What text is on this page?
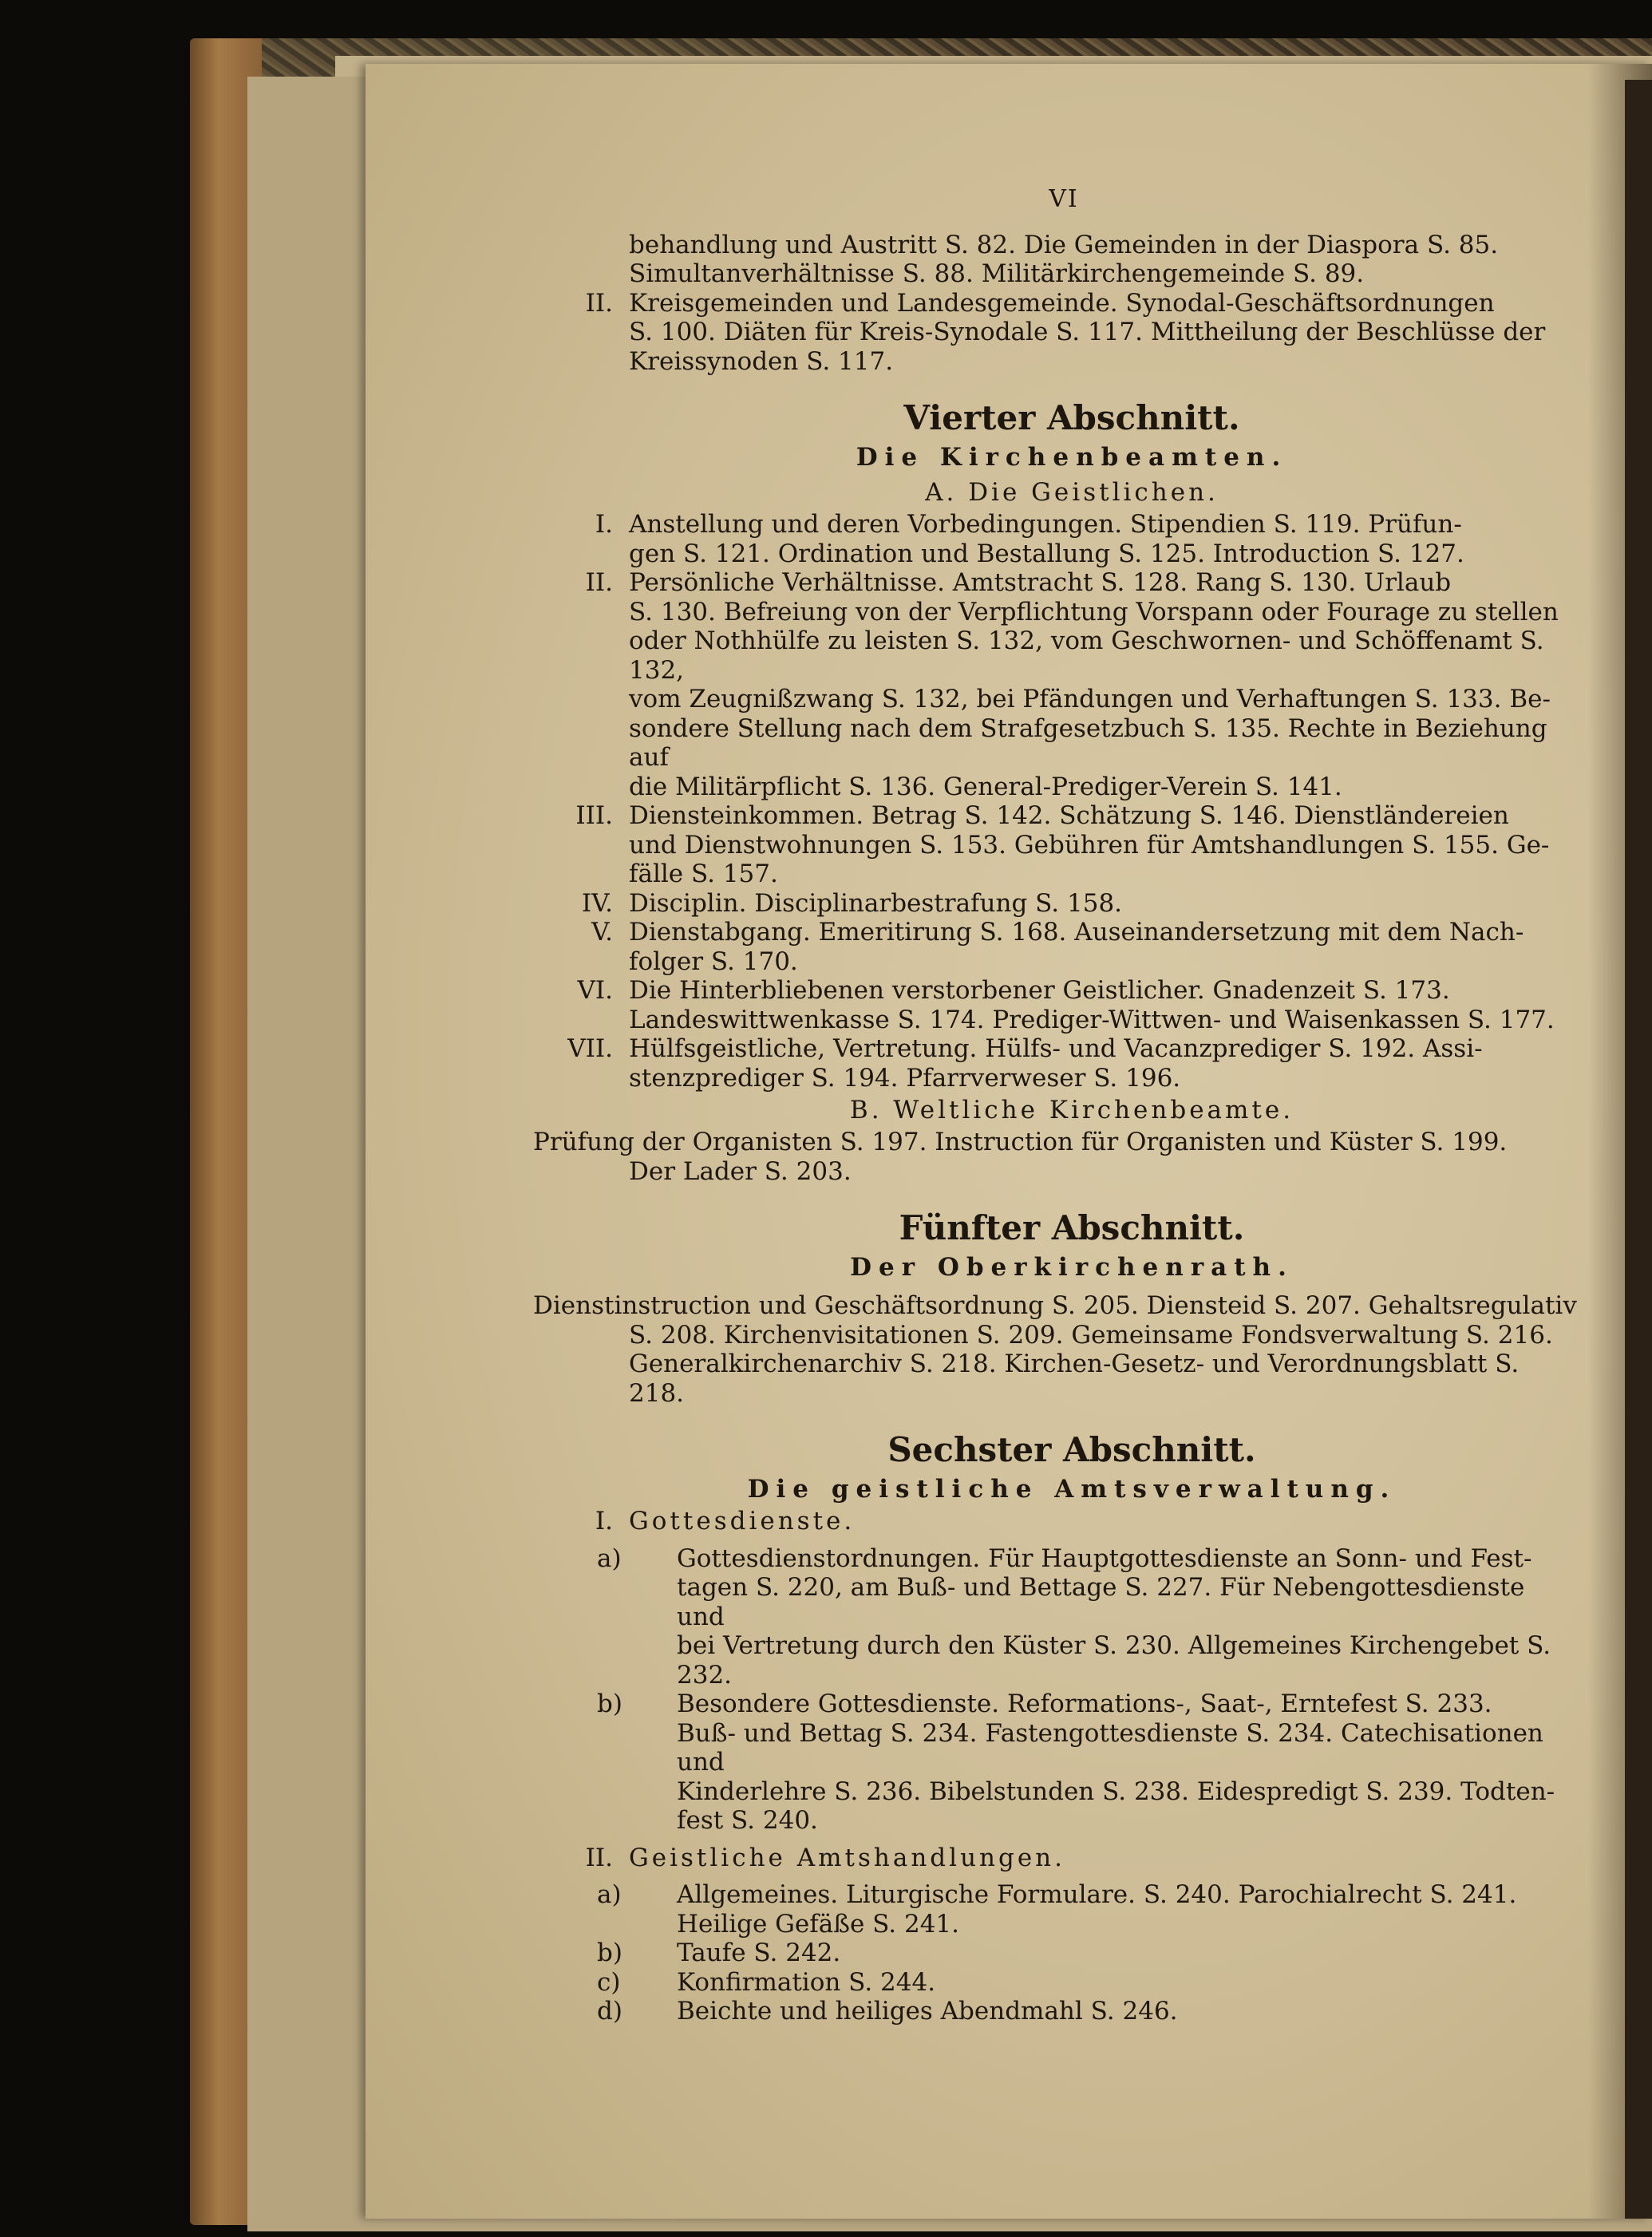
VI
behandlung und Austritt S. 82. Die Gemeinden in der Diaspora S. 85.
Simultanverhältnisse S. 88. Militärkirchengemeinde S. 89.
II. Kreisgemeinden und Landesgemeinde. Synodal-Geschäftsordnungen
S. 100. Diäten für Kreis-Synodale S. 117. Mittheilung der Beschlüsse der
Kreissynoden S. 117.
Vierter Abschnitt.
Die Kirchenbeamten.
A. Die Geistlichen.
I. Anstellung und deren Vorbedingungen. Stipendien S. 119. Prüfun-
gen S. 121. Ordination und Bestallung S. 125. Introduction S. 127.
II. Persönliche Verhältnisse. Amtstracht S. 128. Rang S. 130. Urlaub
S. 130. Befreiung von der Verpflichtung Vorspann oder Fourage zu stellen
oder Nothhülfe zu leisten S. 132, vom Geschwornen- und Schöffenamt S. 132,
vom Zeugnißzwang S. 132, bei Pfändungen und Verhaftungen S. 133. Be-
sondere Stellung nach dem Strafgesetzbuch S. 135. Rechte in Beziehung auf
die Militärpflicht S. 136. General-Prediger-Verein S. 141.
III. Diensteinkommen. Betrag S. 142. Schätzung S. 146. Dienstländereien
und Dienstwohnungen S. 153. Gebühren für Amtshandlungen S. 155. Ge-
fälle S. 157.
IV. Disciplin. Disciplinarbestrafung S. 158.
V. Dienstabgang. Emeritirung S. 168. Auseinandersetzung mit dem Nach-
folger S. 170.
VI. Die Hinterbliebenen verstorbener Geistlicher. Gnadenzeit S. 173.
Landeswittwenkasse S. 174. Prediger-Wittwen- und Waisenkassen S. 177.
VII. Hülfsgeistliche, Vertretung. Hülfs- und Vacanzprediger S. 192. Assi-
stenzprediger S. 194. Pfarrverweser S. 196.
B. Weltliche Kirchenbeamte.
Prüfung der Organisten S. 197. Instruction für Organisten und Küster S. 199.
Der Lader S. 203.
Fünfter Abschnitt.
Der Oberkirchenrath.
Dienstinstruction und Geschäftsordnung S. 205. Diensteid S. 207. Gehaltsregulativ
S. 208. Kirchenvisitationen S. 209. Gemeinsame Fondsverwaltung S. 216.
Generalkirchenarchiv S. 218. Kirchen-Gesetz- und Verordnungsblatt S. 218.
Sechster Abschnitt.
Die geistliche Amtsverwaltung.
I. Gottesdienste.
a)	Gottesdienstordnungen. Für Hauptgottesdienste an Sonn- und Fest-
tagen S. 220, am Buß- und Bettage S. 227. Für Nebengottesdienste und
bei Vertretung durch den Küster S. 230. Allgemeines Kirchengebet S. 232.
b)	Besondere Gottesdienste. Reformations-, Saat-, Erntefest S. 233.
Buß- und Bettag S. 234. Fastengottesdienste S. 234. Catechisationen und
Kinderlehre S. 236. Bibelstunden S. 238. Eidespredigt S. 239. Todten-
fest S. 240.
II. Geistliche Amtshandlungen.
a)	Allgemeines. Liturgische Formulare. S. 240. Parochialrecht S. 241.
Heilige Gefäße S. 241.
b)	Taufe S. 242.
c)	Konfirmation S. 244.
d)	Beichte und heiliges Abendmahl S. 246.
